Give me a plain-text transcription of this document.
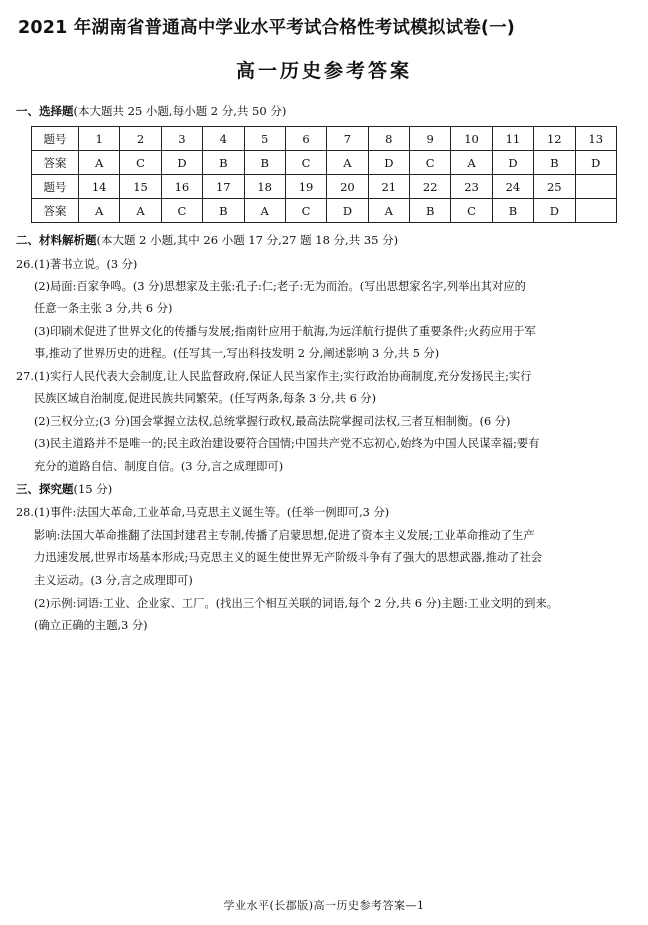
2021 年湖南省普通高中学业水平考试合格性考试模拟试卷(一)
高一历史参考答案
一、选择题(本大题共 25 小题,每小题 2 分,共 50 分)
题号	1	2	3	4	5	6	7	8	9	10	11	12	13
答案	A	C	D	B	B	C	A	D	C	A	D	B	D
题号	14	15	16	17	18	19	20	21	22	23	24	25	
答案	A	A	C	B	A	C	D	A	B	C	B	D	
二、材料解析题(本大题 2 小题,其中 26 小题 17 分,27 题 18 分,共 35 分)
26.(1)著书立说。(3 分)
(2)局面:百家争鸣。(3 分)思想家及主张:孔子:仁;老子:无为而治。(写出思想家名字,列举出其对应的
任意一条主张 3 分,共 6 分)
(3)印刷术促进了世界文化的传播与发展;指南针应用于航海,为远洋航行提供了重要条件;火药应用于军
事,推动了世界历史的进程。(任写其一,写出科技发明 2 分,阐述影响 3 分,共 5 分)
27.(1)实行人民代表大会制度,让人民监督政府,保证人民当家作主;实行政治协商制度,充分发扬民主;实行
民族区域自治制度,促进民族共同繁荣。(任写两条,每条 3 分,共 6 分)
(2)三权分立;(3 分)国会掌握立法权,总统掌握行政权,最高法院掌握司法权,三者互相制衡。(6 分)
(3)民主道路并不是唯一的;民主政治建设要符合国情;中国共产党不忘初心,始终为中国人民谋幸福;要有
充分的道路自信、制度自信。(3 分,言之成理即可)
三、探究题(15 分)
28.(1)事件:法国大革命,工业革命,马克思主义诞生等。(任举一例即可,3 分)
影响:法国大革命推翻了法国封建君主专制,传播了启蒙思想,促进了资本主义发展;工业革命推动了生产
力迅速发展,世界市场基本形成;马克思主义的诞生使世界无产阶级斗争有了强大的思想武器,推动了社会
主义运动。(3 分,言之成理即可)
(2)示例:词语:工业、企业家、工厂。(找出三个相互关联的词语,每个 2 分,共 6 分)主题:工业文明的到来。
(确立正确的主题,3 分)
学业水平(长郡版)高一历史参考答案—1
